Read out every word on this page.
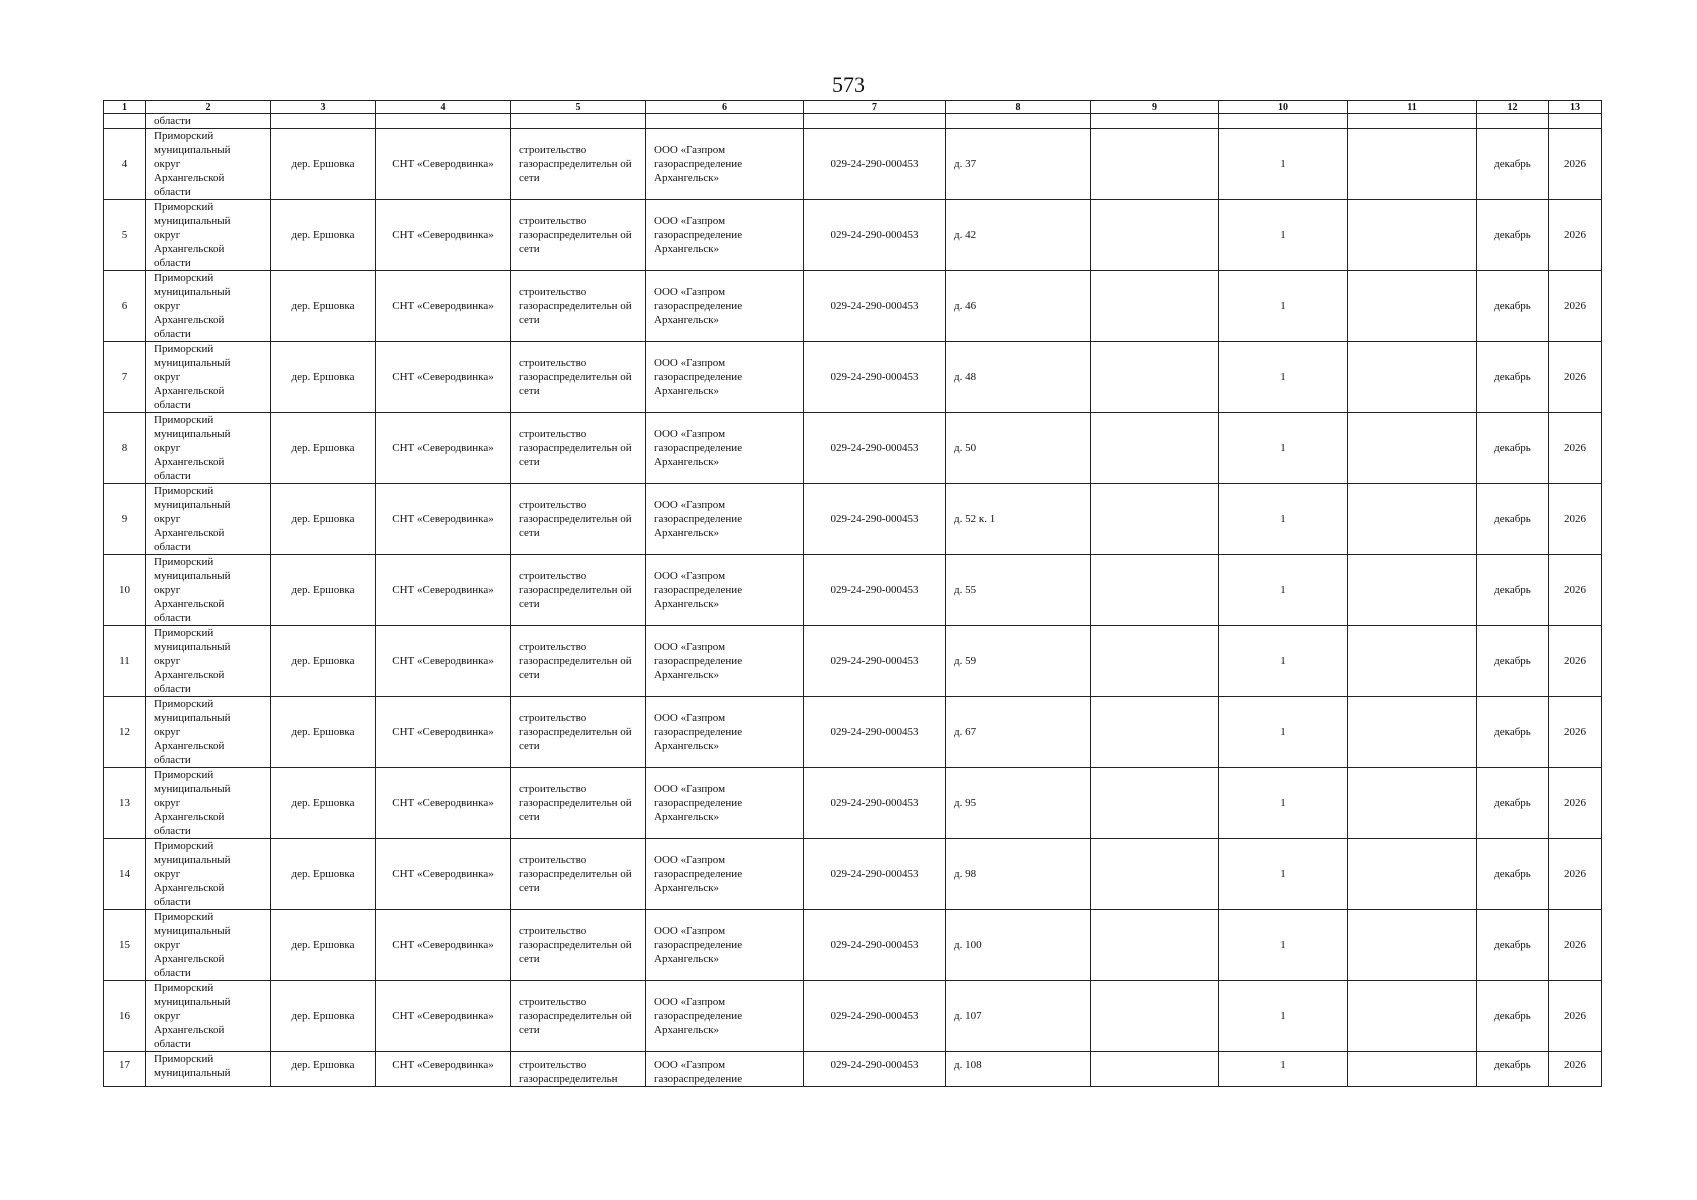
573
1	2	3	4	5	6	7	8	9	10	11	12	13
	области											
4	Приморский
муниципальный
округ
Архангельской
области	дер. Ершовка	СНТ «Северодвинка»	строительство газораспределительн ой сети	ООО «Газпром газораспределение Архангельск»	029-24-290-000453	д. 37		1		декабрь	2026
5	Приморский
муниципальный
округ
Архангельской
области	дер. Ершовка	СНТ «Северодвинка»	строительство газораспределительн ой сети	ООО «Газпром газораспределение Архангельск»	029-24-290-000453	д. 42		1		декабрь	2026
6	Приморский
муниципальный
округ
Архангельской
области	дер. Ершовка	СНТ «Северодвинка»	строительство газораспределительн ой сети	ООО «Газпром газораспределение Архангельск»	029-24-290-000453	д. 46		1		декабрь	2026
7	Приморский
муниципальный
округ
Архангельской
области	дер. Ершовка	СНТ «Северодвинка»	строительство газораспределительн ой сети	ООО «Газпром газораспределение Архангельск»	029-24-290-000453	д. 48		1		декабрь	2026
8	Приморский
муниципальный
округ
Архангельской
области	дер. Ершовка	СНТ «Северодвинка»	строительство газораспределительн ой сети	ООО «Газпром газораспределение Архангельск»	029-24-290-000453	д. 50		1		декабрь	2026
9	Приморский
муниципальный
округ
Архангельской
области	дер. Ершовка	СНТ «Северодвинка»	строительство газораспределительн ой сети	ООО «Газпром газораспределение Архангельск»	029-24-290-000453	д. 52 к. 1		1		декабрь	2026
10	Приморский
муниципальный
округ
Архангельской
области	дер. Ершовка	СНТ «Северодвинка»	строительство газораспределительн ой сети	ООО «Газпром газораспределение Архангельск»	029-24-290-000453	д. 55		1		декабрь	2026
11	Приморский
муниципальный
округ
Архангельской
области	дер. Ершовка	СНТ «Северодвинка»	строительство газораспределительн ой сети	ООО «Газпром газораспределение Архангельск»	029-24-290-000453	д. 59		1		декабрь	2026
12	Приморский
муниципальный
округ
Архангельской
области	дер. Ершовка	СНТ «Северодвинка»	строительство газораспределительн ой сети	ООО «Газпром газораспределение Архангельск»	029-24-290-000453	д. 67		1		декабрь	2026
13	Приморский
муниципальный
округ
Архангельской
области	дер. Ершовка	СНТ «Северодвинка»	строительство газораспределительн ой сети	ООО «Газпром газораспределение Архангельск»	029-24-290-000453	д. 95		1		декабрь	2026
14	Приморский
муниципальный
округ
Архангельской
области	дер. Ершовка	СНТ «Северодвинка»	строительство газораспределительн ой сети	ООО «Газпром газораспределение Архангельск»	029-24-290-000453	д. 98		1		декабрь	2026
15	Приморский
муниципальный
округ
Архангельской
области	дер. Ершовка	СНТ «Северодвинка»	строительство газораспределительн ой сети	ООО «Газпром газораспределение Архангельск»	029-24-290-000453	д. 100		1		декабрь	2026
16	Приморский
муниципальный
округ
Архангельской
области	дер. Ершовка	СНТ «Северодвинка»	строительство газораспределительн ой сети	ООО «Газпром газораспределение Архангельск»	029-24-290-000453	д. 107		1		декабрь	2026
17	Приморский
муниципальный	дер. Ершовка	СНТ «Северодвинка»	строительство газораспределительн	ООО «Газпром газораспределение	029-24-290-000453	д. 108		1		декабрь	2026
